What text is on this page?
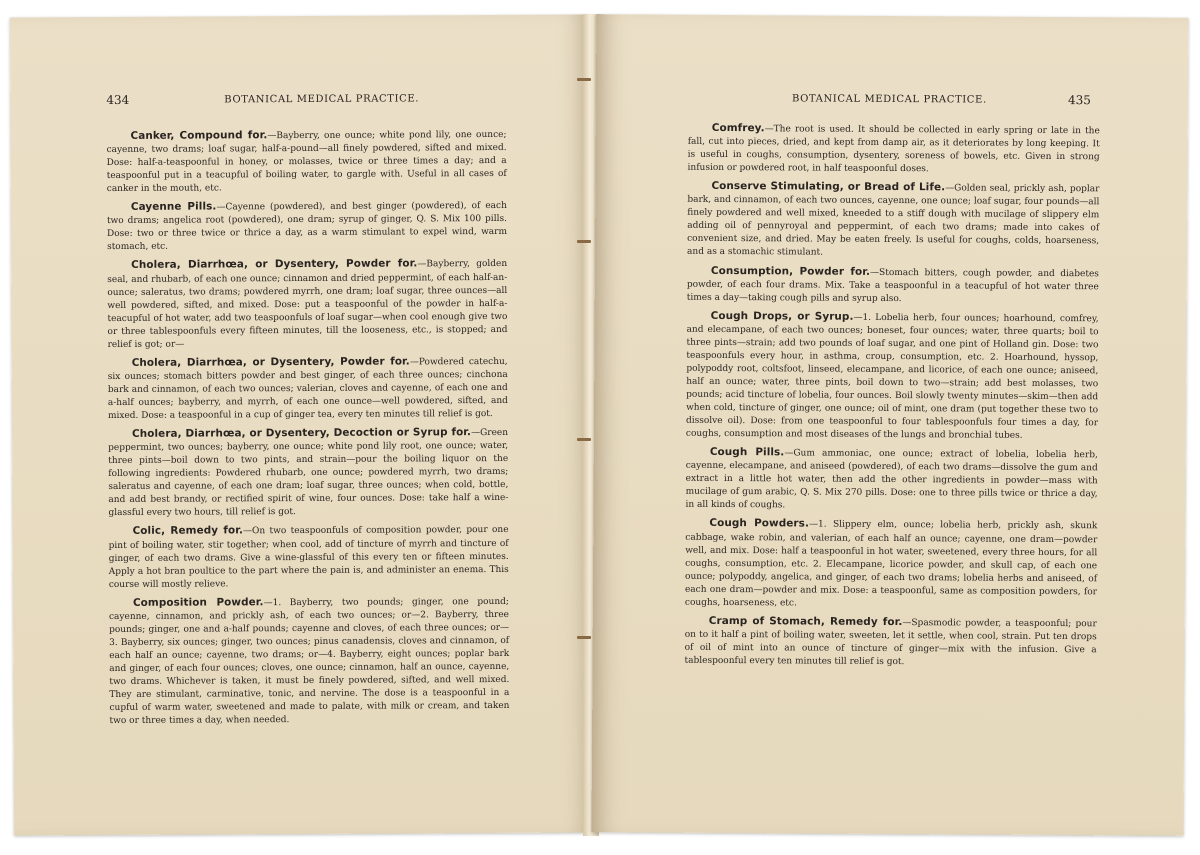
434	BOTANICAL MEDICAL PRACTICE.

Canker, Compound for.—Bayberry, one ounce; white pond lily, one ounce; cayenne, two drams; loaf sugar, half-a-pound—all finely powdered, sifted and mixed. Dose: half-a-teaspoonful in honey, or molasses, twice or three times a day; and a teaspoonful put in a teacupful of boiling water, to gargle with. Useful in all cases of canker in the mouth, etc.

Cayenne Pills.—Cayenne (powdered), and best ginger (powdered), of each two drams; angelica root (powdered), one dram; syrup of ginger, Q. S. Mix 100 pills. Dose: two or three twice or thrice a day, as a warm stimulant to expel wind, warm stomach, etc.

Cholera, Diarrhœa, or Dysentery, Powder for.—Bayberry, golden seal, and rhubarb, of each one ounce; cinnamon and dried peppermint, of each half-an-ounce; saleratus, two drams; powdered myrrh, one dram; loaf sugar, three ounces—all well powdered, sifted, and mixed. Dose: put a teaspoonful of the powder in half-a-teacupful of hot water, add two teaspoonfuls of loaf sugar—when cool enough give two or three tablespoonfuls every fifteen minutes, till the looseness, etc., is stopped; and relief is got; or—

Cholera, Diarrhœa, or Dysentery, Powder for.—Powdered catechu, six ounces; stomach bitters powder and best ginger, of each three ounces; cinchona bark and cinnamon, of each two ounces; valerian, cloves and cayenne, of each one and a-half ounces; bayberry, and myrrh, of each one ounce—well powdered, sifted, and mixed. Dose: a teaspoonful in a cup of ginger tea, every ten minutes till relief is got.

Cholera, Diarrhœa, or Dysentery, Decoction or Syrup for.—Green peppermint, two ounces; bayberry, one ounce; white pond lily root, one ounce; water, three pints—boil down to two pints, and strain—pour the boiling liquor on the following ingredients: Powdered rhubarb, one ounce; powdered myrrh, two drams; saleratus and cayenne, of each one dram; loaf sugar, three ounces; when cold, bottle, and add best brandy, or rectified spirit of wine, four ounces. Dose: take half a wine-glassful every two hours, till relief is got.

Colic, Remedy for.—On two teaspoonfuls of composition powder, pour one pint of boiling water, stir together; when cool, add of tincture of myrrh and tincture of ginger, of each two drams. Give a wine-glassful of this every ten or fifteen minutes. Apply a hot bran poultice to the part where the pain is, and administer an enema. This course will mostly relieve.

Composition Powder.—1. Bayberry, two pounds; ginger, one pound; cayenne, cinnamon, and prickly ash, of each two ounces; or—2. Bayberry, three pounds; ginger, one and a-half pounds; cayenne and cloves, of each three ounces; or—3. Bayberry, six ounces; ginger, two ounces; pinus canadensis, cloves and cinnamon, of each half an ounce; cayenne, two drams; or—4. Bayberry, eight ounces; poplar bark and ginger, of each four ounces; cloves, one ounce; cinnamon, half an ounce, cayenne, two drams. Whichever is taken, it must be finely powdered, sifted, and well mixed. They are stimulant, carminative, tonic, and nervine. The dose is a teaspoonful in a cupful of warm water, sweetened and made to palate, with milk or cream, and taken two or three times a day, when needed.

BOTANICAL MEDICAL PRACTICE.	435

Comfrey.—The root is used. It should be collected in early spring or late in the fall, cut into pieces, dried, and kept from damp air, as it deteriorates by long keeping. It is useful in coughs, consumption, dysentery, soreness of bowels, etc. Given in strong infusion or powdered root, in half teaspoonful doses.

Conserve Stimulating, or Bread of Life.—Golden seal, prickly ash, poplar bark, and cinnamon, of each two ounces, cayenne, one ounce; loaf sugar, four pounds—all finely powdered and well mixed, kneeded to a stiff dough with mucilage of slippery elm adding oil of pennyroyal and peppermint, of each two drams; made into cakes of convenient size, and dried. May be eaten freely. Is useful for coughs, colds, hoarseness, and as a stomachic stimulant.

Consumption, Powder for.—Stomach bitters, cough powder, and diabetes powder, of each four drams. Mix. Take a teaspoonful in a teacupful of hot water three times a day—taking cough pills and syrup also.

Cough Drops, or Syrup.—1. Lobelia herb, four ounces; hoarhound, comfrey, and elecampane, of each two ounces; boneset, four ounces; water, three quarts; boil to three pints—strain; add two pounds of loaf sugar, and one pint of Holland gin. Dose: two teaspoonfuls every hour, in asthma, croup, consumption, etc. 2. Hoarhound, hyssop, polypoddy root, coltsfoot, linseed, elecampane, and licorice, of each one ounce; aniseed, half an ounce; water, three pints, boil down to two—strain; add best molasses, two pounds; acid tincture of lobelia, four ounces. Boil slowly twenty minutes—skim—then add when cold, tincture of ginger, one ounce; oil of mint, one dram (put together these two to dissolve oil). Dose: from one teaspoonful to four tablespoonfuls four times a day, for coughs, consumption and most diseases of the lungs and bronchial tubes.

Cough Pills.—Gum ammoniac, one ounce; extract of lobelia, lobelia herb, cayenne, elecampane, and aniseed (powdered), of each two drams—dissolve the gum and extract in a little hot water, then add the other ingredients in powder—mass with mucilage of gum arabic, Q. S. Mix 270 pills. Dose: one to three pills twice or thrice a day, in all kinds of coughs.

Cough Powders.—1. Slippery elm, ounce; lobelia herb, prickly ash, skunk cabbage, wake robin, and valerian, of each half an ounce; cayenne, one dram—powder well, and mix. Dose: half a teaspoonful in hot water, sweetened, every three hours, for all coughs, consumption, etc. 2. Elecampane, licorice powder, and skull cap, of each one ounce; polypoddy, angelica, and ginger, of each two drams; lobelia herbs and aniseed, of each one dram—powder and mix. Dose: a teaspoonful, same as composition powders, for coughs, hoarseness, etc.

Cramp of Stomach, Remedy for.—Spasmodic powder, a teaspoonful; pour on to it half a pint of boiling water, sweeten, let it settle, when cool, strain. Put ten drops of oil of mint into an ounce of tincture of ginger—mix with the infusion. Give a tablespoonful every ten minutes till relief is got.
